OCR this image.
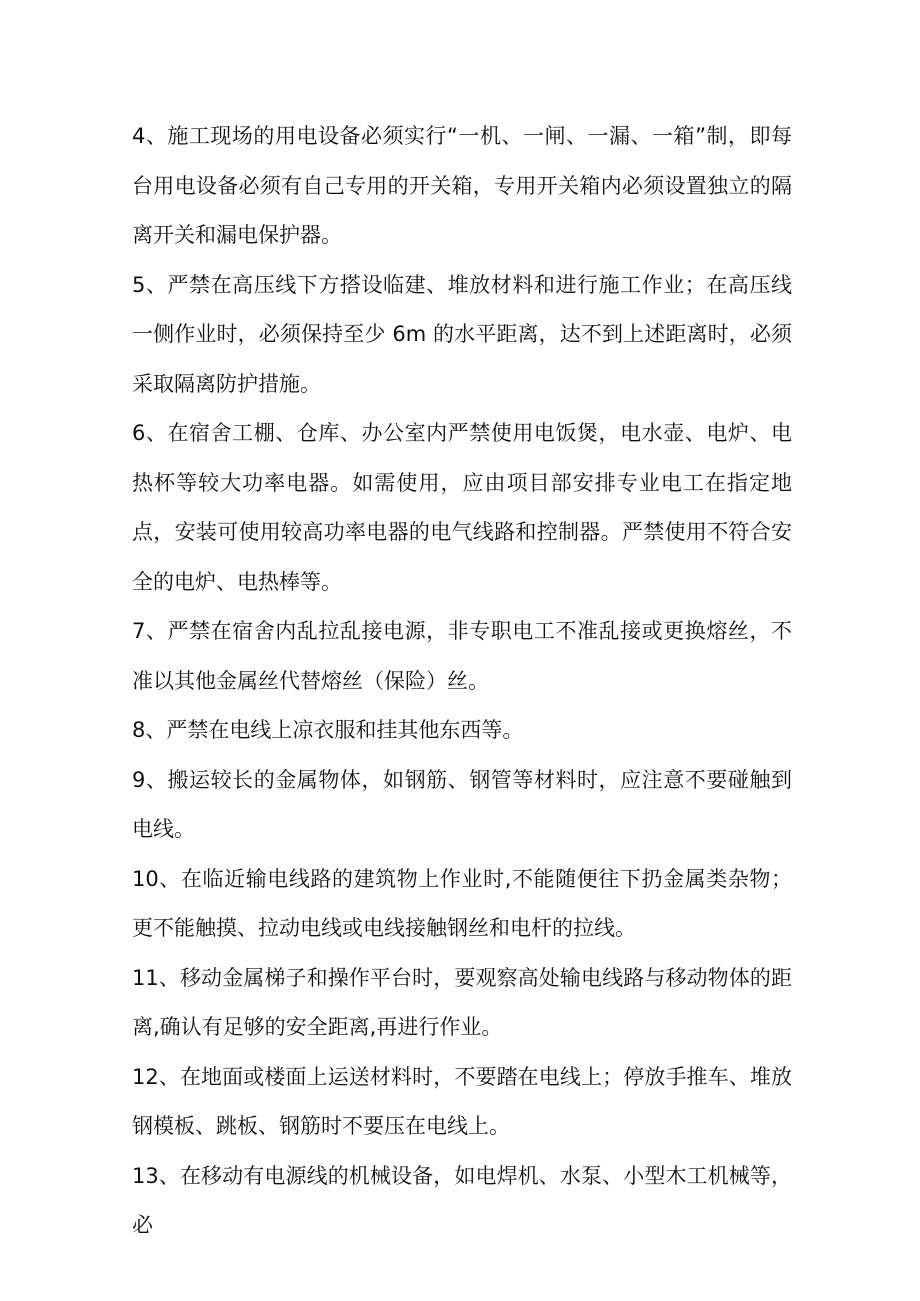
4、施工现场的用电设备必须实行“一机、一闸、一漏、一箱”制，即每台用电设备必须有自己专用的开关箱，专用开关箱内必须设置独立的隔离开关和漏电保护器。

5、严禁在高压线下方搭设临建、堆放材料和进行施工作业；在高压线一侧作业时，必须保持至少 6m 的水平距离，达不到上述距离时，必须采取隔离防护措施。

6、在宿舍工棚、仓库、办公室内严禁使用电饭煲，电水壶、电炉、电热杯等较大功率电器。如需使用，应由项目部安排专业电工在指定地点，安装可使用较高功率电器的电气线路和控制器。严禁使用不符合安全的电炉、电热棒等。

7、严禁在宿舍内乱拉乱接电源，非专职电工不准乱接或更换熔丝，不准以其他金属丝代替熔丝（保险）丝。

8、严禁在电线上凉衣服和挂其他东西等。

9、搬运较长的金属物体，如钢筋、钢管等材料时，应注意不要碰触到电线。

10、在临近输电线路的建筑物上作业时,不能随便往下扔金属类杂物；更不能触摸、拉动电线或电线接触钢丝和电杆的拉线。

11、移动金属梯子和操作平台时，要观察高处输电线路与移动物体的距离,确认有足够的安全距离,再进行作业。

12、在地面或楼面上运送材料时，不要踏在电线上；停放手推车、堆放钢模板、跳板、钢筋时不要压在电线上。

13、在移动有电源线的机械设备，如电焊机、水泵、小型木工机械等，必
